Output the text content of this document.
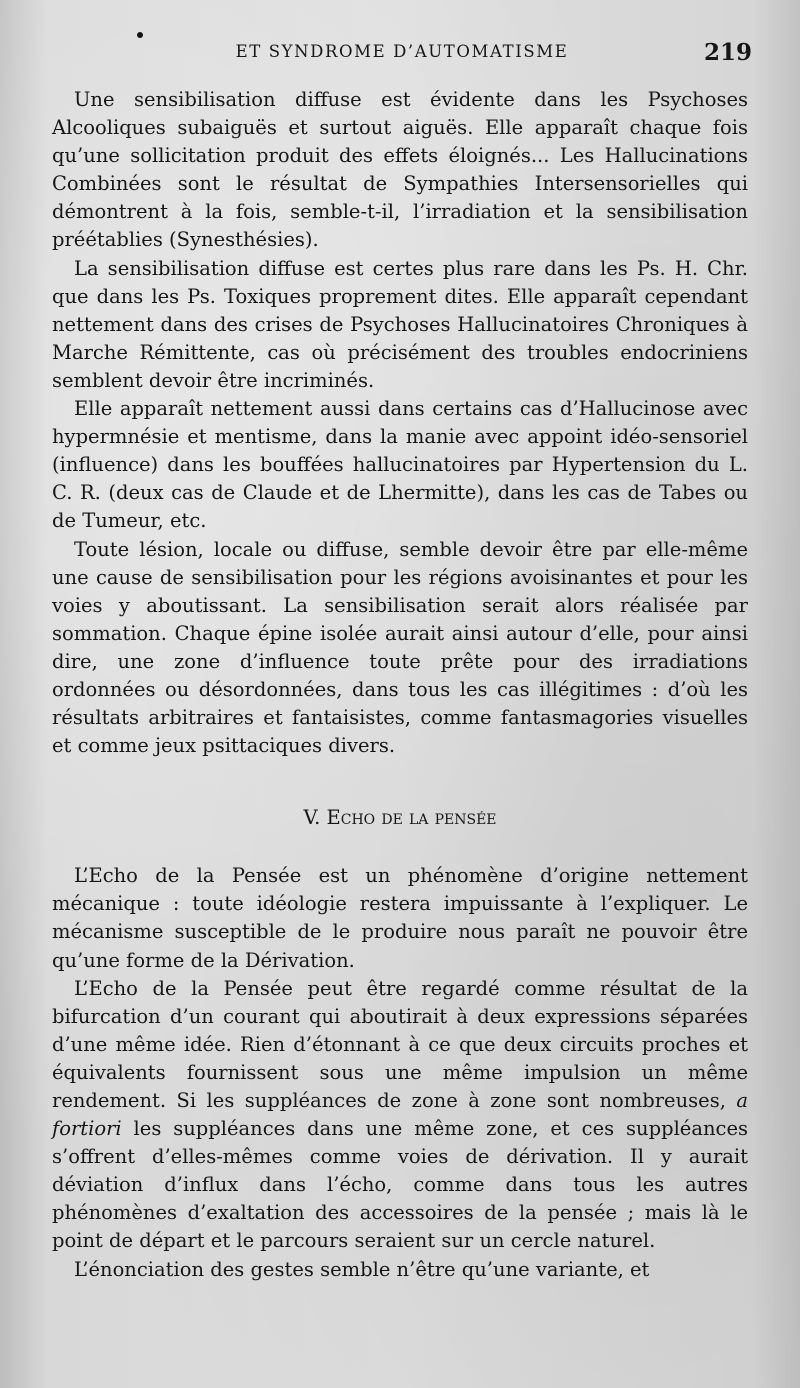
ET SYNDROME D’AUTOMATISME	219

Une sensibilisation diffuse est évidente dans les Psychoses Alcooliques subaiguës et surtout aiguës. Elle apparaît chaque fois qu’une sollicitation produit des effets éloignés... Les Hallucinations Combinées sont le résultat de Sympathies Intersensorielles qui démontrent à la fois, semble-t-il, l’irradiation et la sensibilisation préétablies (Synesthésies).

La sensibilisation diffuse est certes plus rare dans les Ps. H. Chr. que dans les Ps. Toxiques proprement dites. Elle apparaît cependant nettement dans des crises de Psychoses Hallucinatoires Chroniques à Marche Rémittente, cas où précisément des troubles endocriniens semblent devoir être incriminés.

Elle apparaît nettement aussi dans certains cas d’Hallucinose avec hypermnésie et mentisme, dans la manie avec appoint idéo-sensoriel (influence) dans les bouffées hallucinatoires par Hypertension du L. C. R. (deux cas de Claude et de Lhermitte), dans les cas de Tabes ou de Tumeur, etc.

Toute lésion, locale ou diffuse, semble devoir être par elle-même une cause de sensibilisation pour les régions avoisinantes et pour les voies y aboutissant. La sensibilisation serait alors réalisée par sommation. Chaque épine isolée aurait ainsi autour d’elle, pour ainsi dire, une zone d’influence toute prête pour des irradiations ordonnées ou désordonnées, dans tous les cas illégitimes : d’où les résultats arbitraires et fantaisistes, comme fantasmagories visuelles et comme jeux psittaciques divers.

V. Echo de la pensée

L’Echo de la Pensée est un phénomène d’origine nettement mécanique : toute idéologie restera impuissante à l’expliquer. Le mécanisme susceptible de le produire nous paraît ne pouvoir être qu’une forme de la Dérivation.

L’Echo de la Pensée peut être regardé comme résultat de la bifurcation d’un courant qui aboutirait à deux expressions séparées d’une même idée. Rien d’étonnant à ce que deux circuits proches et équivalents fournissent sous une même impulsion un même rendement. Si les suppléances de zone à zone sont nombreuses, a fortiori les suppléances dans une même zone, et ces suppléances s’offrent d’elles-mêmes comme voies de dérivation. Il y aurait déviation d’influx dans l’écho, comme dans tous les autres phénomènes d’exaltation des accessoires de la pensée ; mais là le point de départ et le parcours seraient sur un cercle naturel.

L’énonciation des gestes semble n’être qu’une variante, et
